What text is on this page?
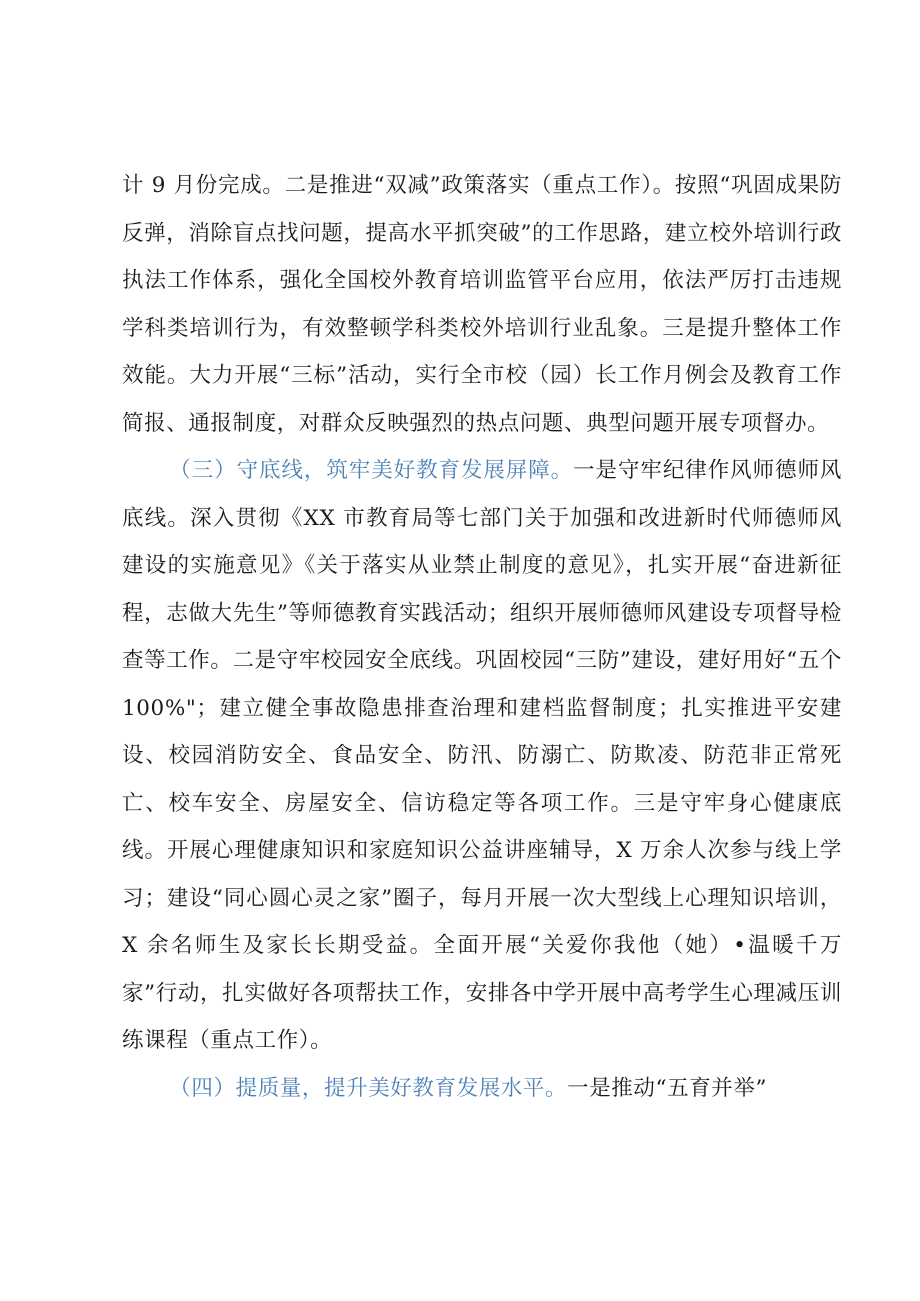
计 9 月份完成。二是推进“双减”政策落实（重点工作）。按照“巩固成果防反弹，消除盲点找问题，提高水平抓突破”的工作思路，建立校外培训行政执法工作体系，强化全国校外教育培训监管平台应用，依法严厉打击违规学科类培训行为，有效整顿学科类校外培训行业乱象。三是提升整体工作效能。大力开展“三标”活动，实行全市校（园）长工作月例会及教育工作简报、通报制度，对群众反映强烈的热点问题、典型问题开展专项督办。

（三）守底线，筑牢美好教育发展屏障。一是守牢纪律作风师德师风底线。深入贯彻《XX 市教育局等七部门关于加强和改进新时代师德师风建设的实施意见》《关于落实从业禁止制度的意见》，扎实开展“奋进新征程，志做大先生”等师德教育实践活动；组织开展师德师风建设专项督导检查等工作。二是守牢校园安全底线。巩固校园“三防”建设，建好用好“五个 100%"；建立健全事故隐患排查治理和建档监督制度；扎实推进平安建设、校园消防安全、食品安全、防汛、防溺亡、防欺凌、防范非正常死亡、校车安全、房屋安全、信访稳定等各项工作。三是守牢身心健康底线。开展心理健康知识和家庭知识公益讲座辅导，X 万余人次参与线上学习；建设“同心圆心灵之家”圈子，每月开展一次大型线上心理知识培训，X 余名师生及家长长期受益。全面开展“关爱你我他（她）•温暖千万家”行动，扎实做好各项帮扶工作，安排各中学开展中高考学生心理减压训练课程（重点工作）。

（四）提质量，提升美好教育发展水平。一是推动“五育并举”
